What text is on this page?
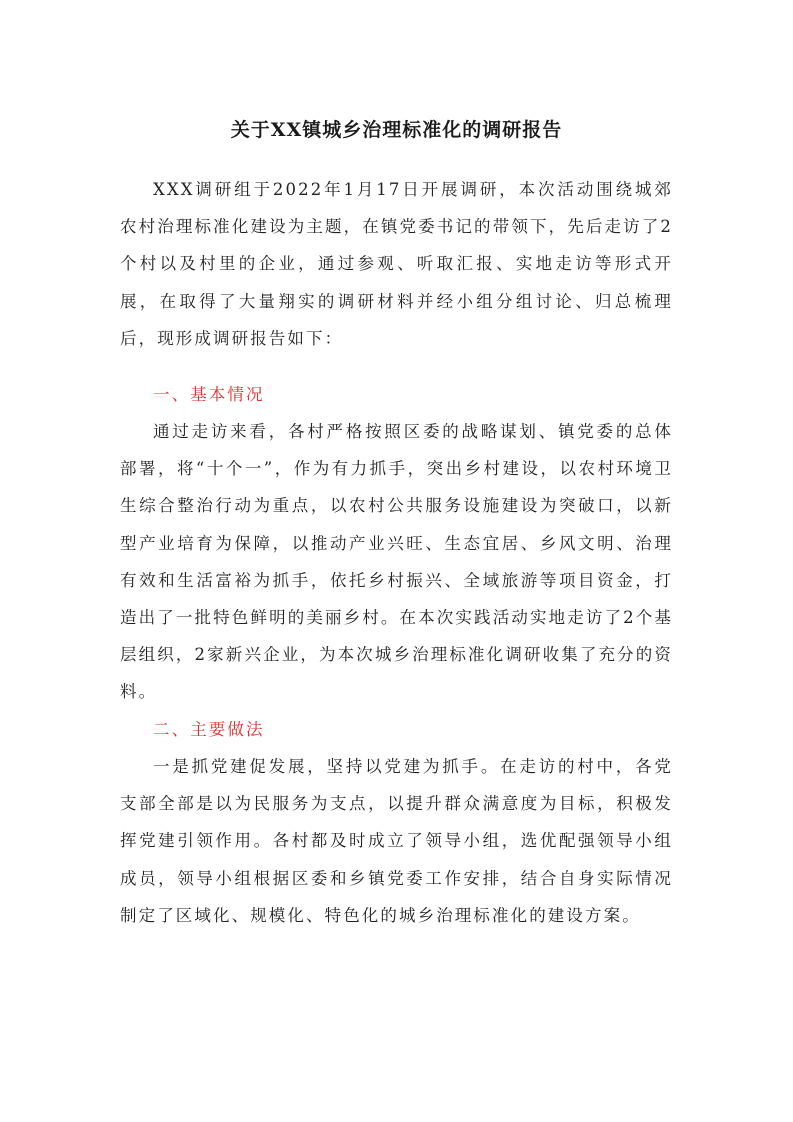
关于XX镇城乡治理标准化的调研报告

XXX调研组于2022年1月17日开展调研，本次活动围绕城郊农村治理标准化建设为主题，在镇党委书记的带领下，先后走访了2个村以及村里的企业，通过参观、听取汇报、实地走访等形式开展，在取得了大量翔实的调研材料并经小组分组讨论、归总梳理后，现形成调研报告如下：

一、基本情况

通过走访来看，各村严格按照区委的战略谋划、镇党委的总体部署，将“十个一”，作为有力抓手，突出乡村建设，以农村环境卫生综合整治行动为重点，以农村公共服务设施建设为突破口，以新型产业培育为保障，以推动产业兴旺、生态宜居、乡风文明、治理有效和生活富裕为抓手，依托乡村振兴、全域旅游等项目资金，打造出了一批特色鲜明的美丽乡村。在本次实践活动实地走访了2个基层组织，2家新兴企业，为本次城乡治理标准化调研收集了充分的资料。

二、主要做法

一是抓党建促发展，坚持以党建为抓手。在走访的村中，各党支部全部是以为民服务为支点，以提升群众满意度为目标，积极发挥党建引领作用。各村都及时成立了领导小组，选优配强领导小组成员，领导小组根据区委和乡镇党委工作安排，结合自身实际情况制定了区域化、规模化、特色化的城乡治理标准化的建设方案。
